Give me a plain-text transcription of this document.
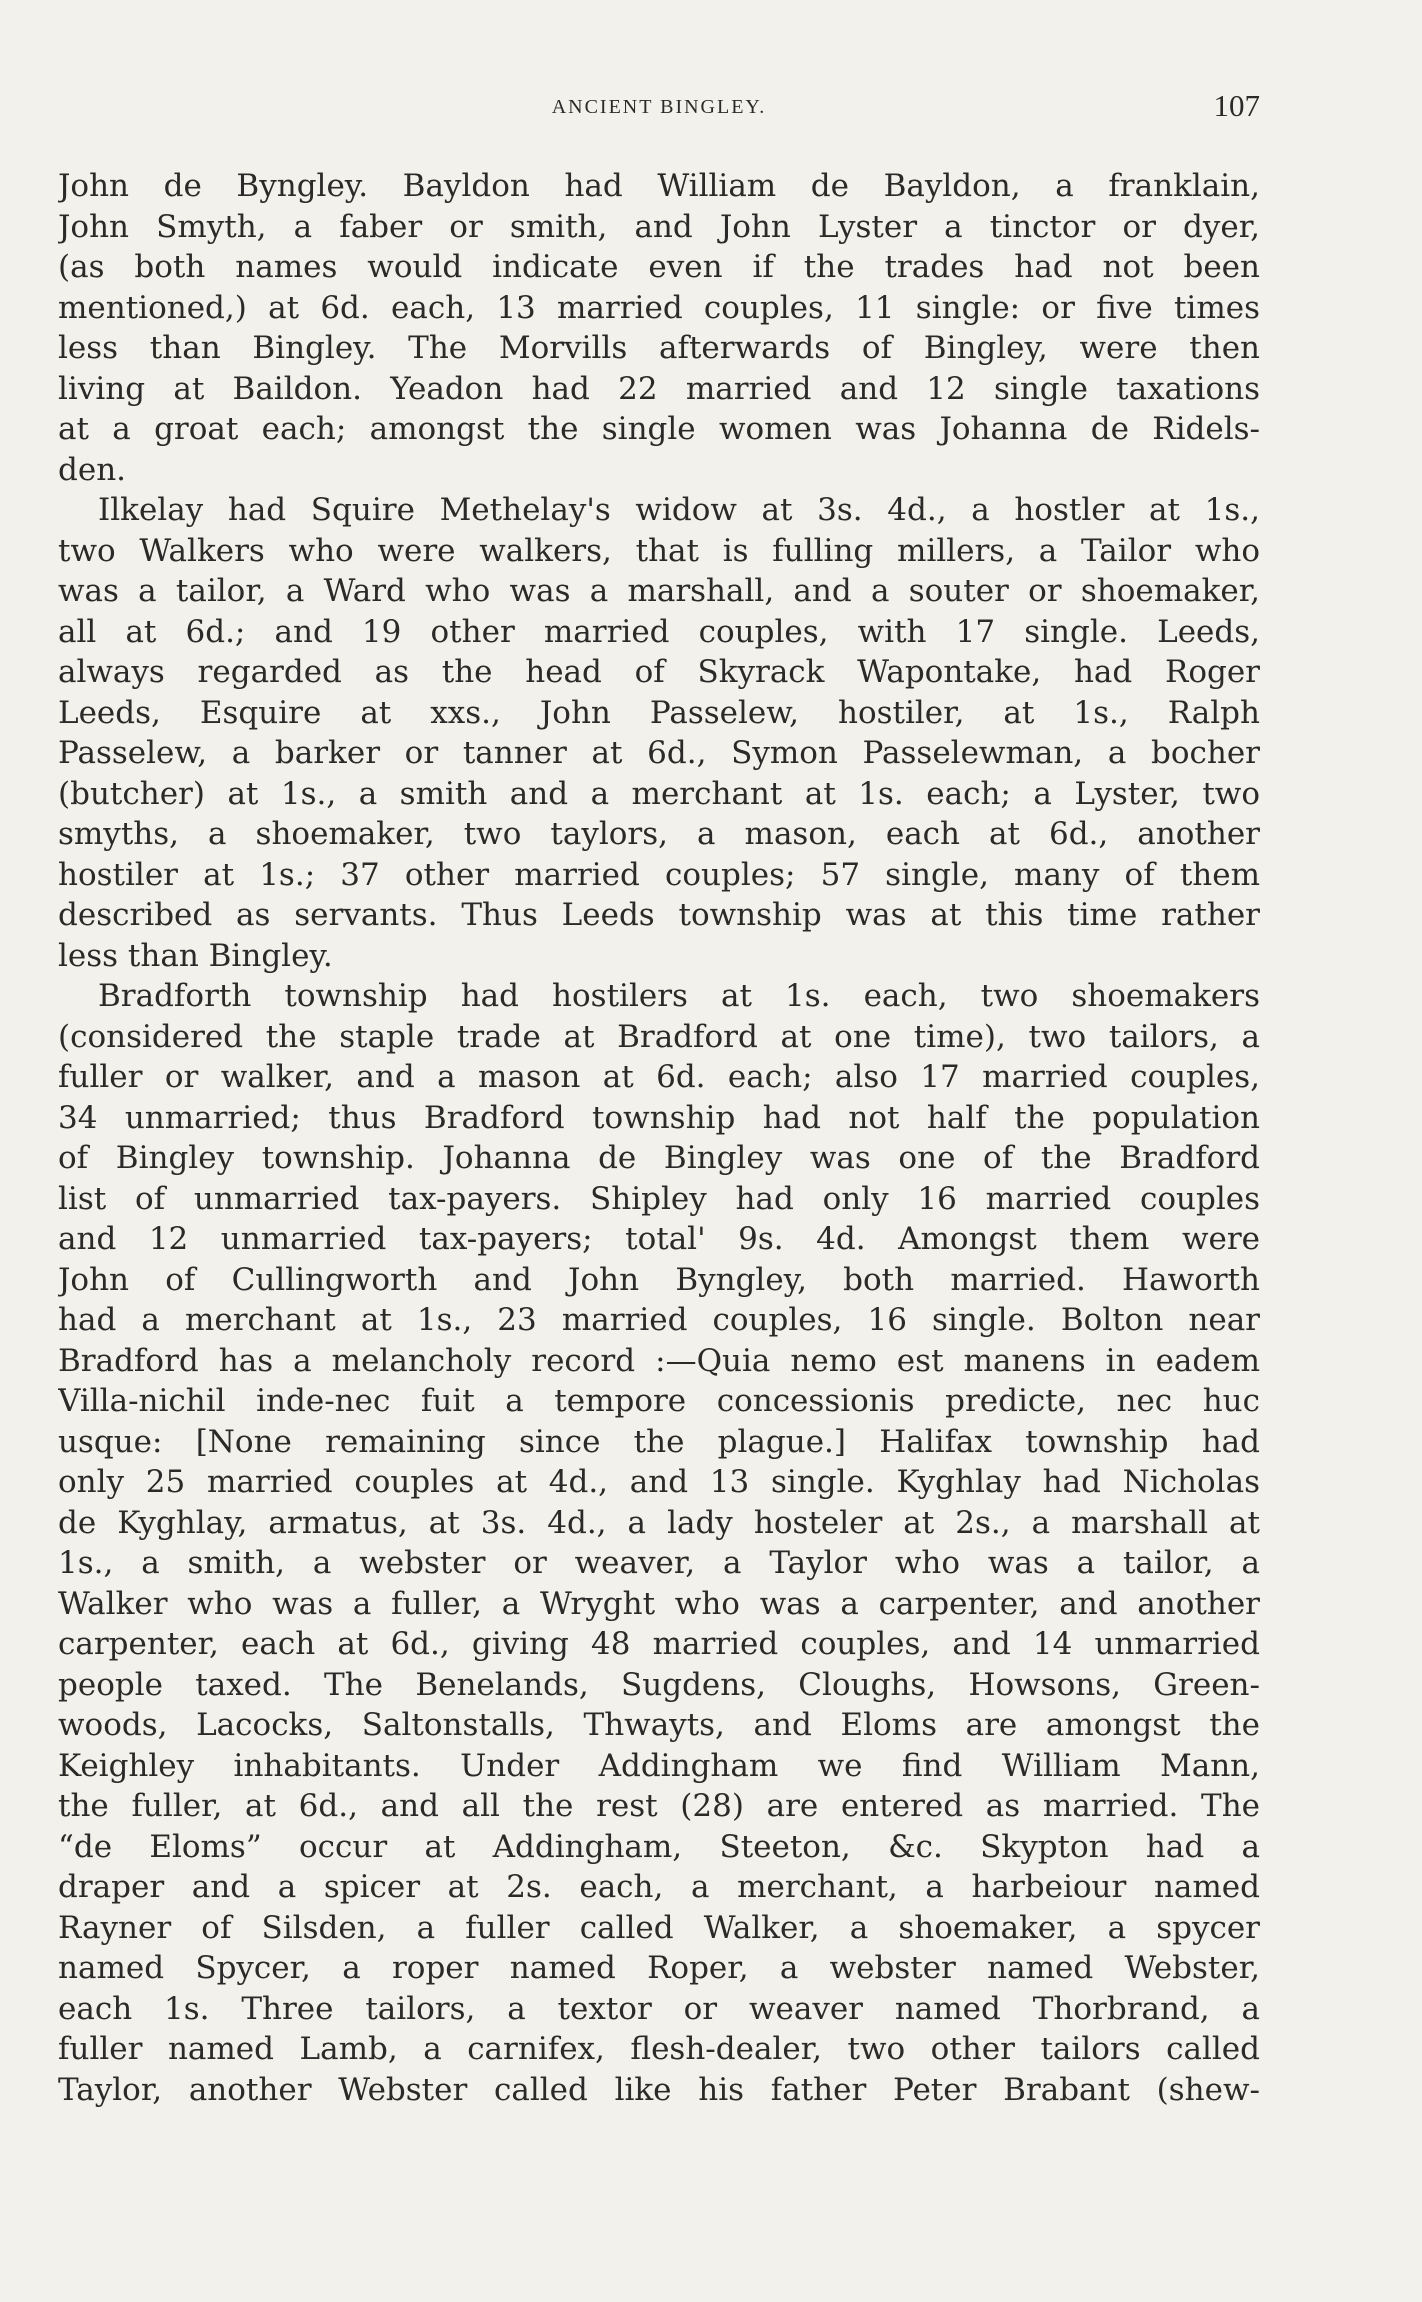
ANCIENT BINGLEY.	107
John de Byngley. Bayldon had William de Bayldon, a franklain,
John Smyth, a faber or smith, and John Lyster a tinctor or dyer,
(as both names would indicate even if the trades had not been
mentioned,) at 6d. each, 13 married couples, 11 single: or five times
less than Bingley. The Morvills afterwards of Bingley, were then
living at Baildon. Yeadon had 22 married and 12 single taxations
at a groat each; amongst the single women was Johanna de Ridels-
den.
Ilkelay had Squire Methelay's widow at 3s. 4d., a hostler at 1s.,
two Walkers who were walkers, that is fulling millers, a Tailor who
was a tailor, a Ward who was a marshall, and a souter or shoemaker,
all at 6d.; and 19 other married couples, with 17 single. Leeds,
always regarded as the head of Skyrack Wapontake, had Roger
Leeds, Esquire at xxs., John Passelew, hostiler, at 1s., Ralph
Passelew, a barker or tanner at 6d., Symon Passelewman, a bocher
(butcher) at 1s., a smith and a merchant at 1s. each; a Lyster, two
smyths, a shoemaker, two taylors, a mason, each at 6d., another
hostiler at 1s.; 37 other married couples; 57 single, many of them
described as servants. Thus Leeds township was at this time rather
less than Bingley.
Bradforth township had hostilers at 1s. each, two shoemakers
(considered the staple trade at Bradford at one time), two tailors, a
fuller or walker, and a mason at 6d. each; also 17 married couples,
34 unmarried; thus Bradford township had not half the population
of Bingley township. Johanna de Bingley was one of the Bradford
list of unmarried tax-payers. Shipley had only 16 married couples
and 12 unmarried tax-payers; total' 9s. 4d. Amongst them were
John of Cullingworth and John Byngley, both married. Haworth
had a merchant at 1s., 23 married couples, 16 single. Bolton near
Bradford has a melancholy record :—Quia nemo est manens in eadem
Villa-nichil inde-nec fuit a tempore concessionis predicte, nec huc
usque: [None remaining since the plague.] Halifax township had
only 25 married couples at 4d., and 13 single. Kyghlay had Nicholas
de Kyghlay, armatus, at 3s. 4d., a lady hosteler at 2s., a marshall at
1s., a smith, a webster or weaver, a Taylor who was a tailor, a
Walker who was a fuller, a Wryght who was a carpenter, and another
carpenter, each at 6d., giving 48 married couples, and 14 unmarried
people taxed. The Benelands, Sugdens, Cloughs, Howsons, Green-
woods, Lacocks, Saltonstalls, Thwayts, and Eloms are amongst the
Keighley inhabitants. Under Addingham we find William Mann,
the fuller, at 6d., and all the rest (28) are entered as married. The
“de Eloms” occur at Addingham, Steeton, &c. Skypton had a
draper and a spicer at 2s. each, a merchant, a harbeiour named
Rayner of Silsden, a fuller called Walker, a shoemaker, a spycer
named Spycer, a roper named Roper, a webster named Webster,
each 1s. Three tailors, a textor or weaver named Thorbrand, a
fuller named Lamb, a carnifex, flesh-dealer, two other tailors called
Taylor, another Webster called like his father Peter Brabant (shew-
